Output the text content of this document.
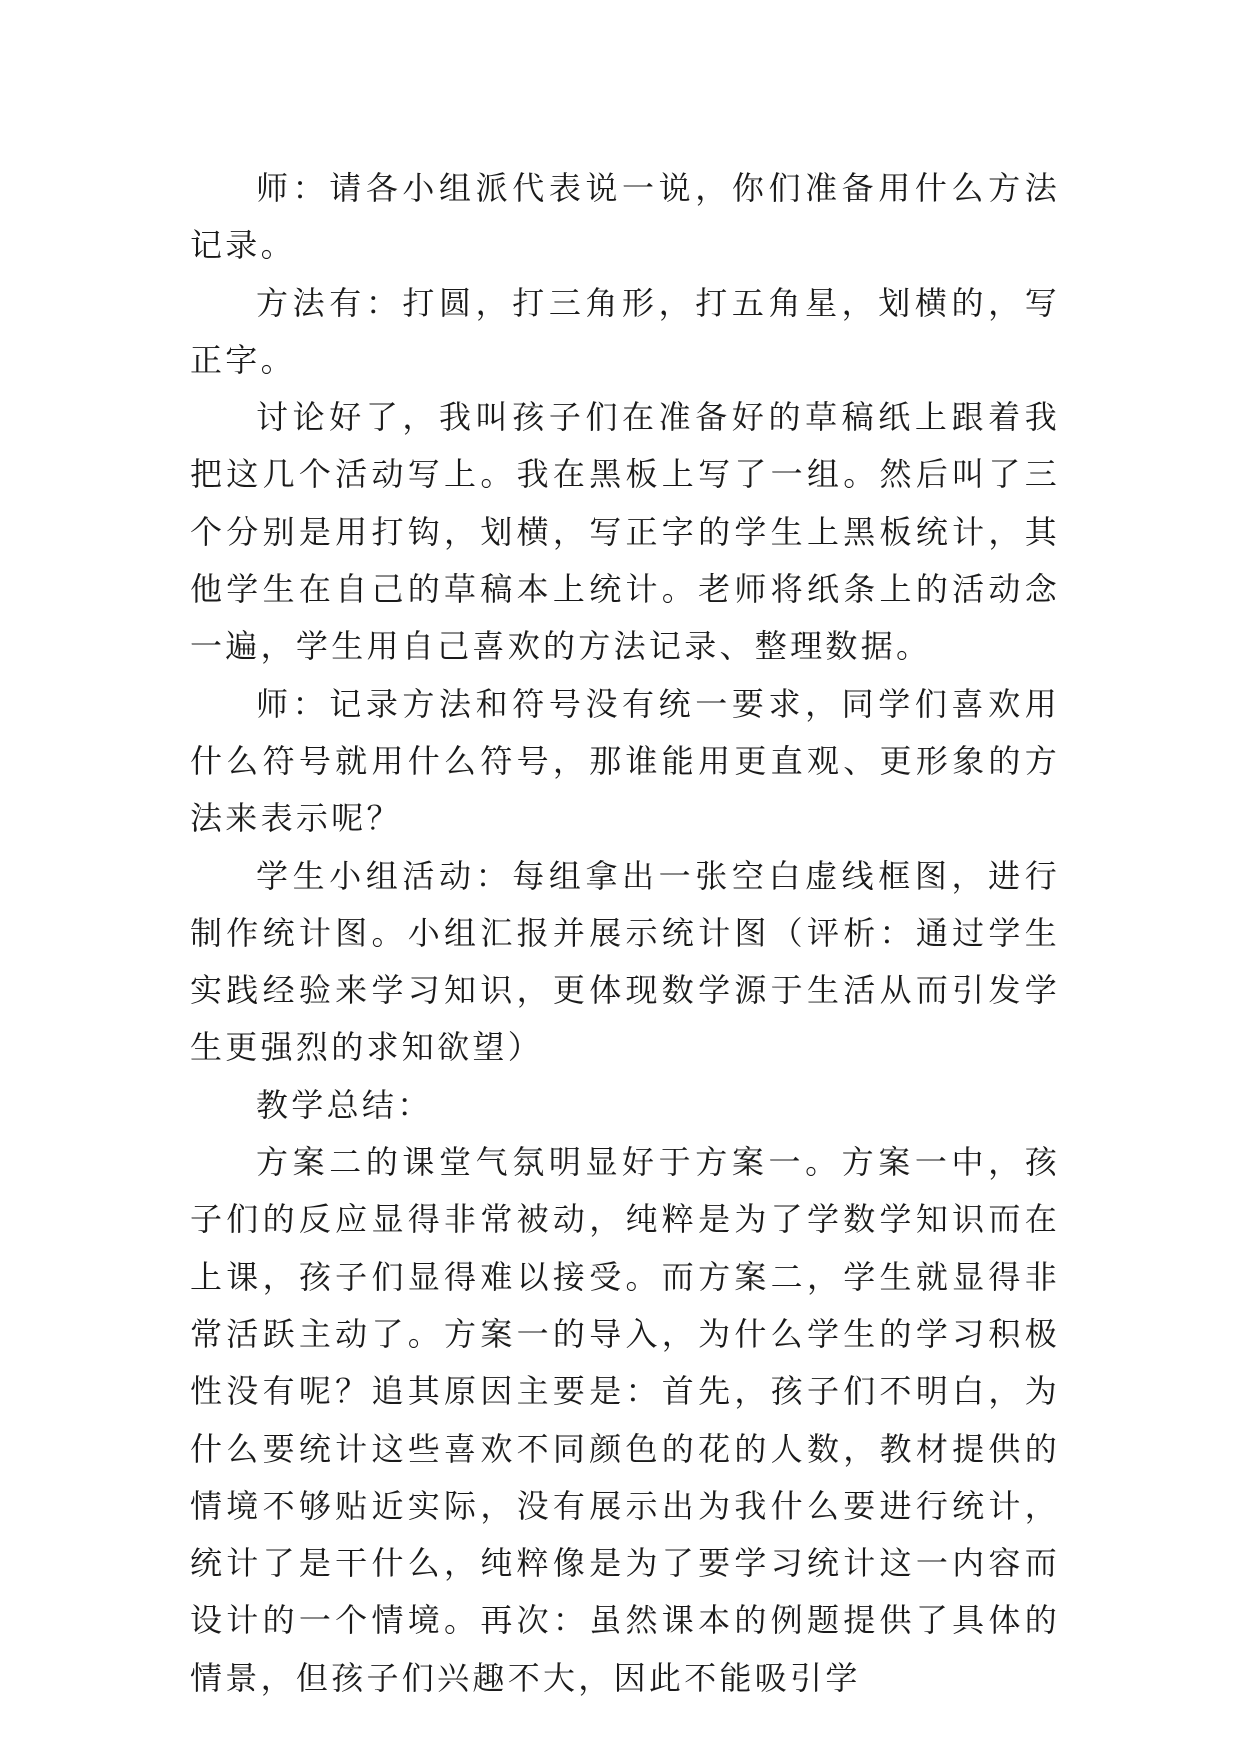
师：请各小组派代表说一说，你们准备用什么方法记录。

方法有：打圆，打三角形，打五角星，划横的，写正字。

讨论好了，我叫孩子们在准备好的草稿纸上跟着我把这几个活动写上。我在黑板上写了一组。然后叫了三个分别是用打钩，划横，写正字的学生上黑板统计，其他学生在自己的草稿本上统计。老师将纸条上的活动念一遍，学生用自己喜欢的方法记录、整理数据。

师：记录方法和符号没有统一要求，同学们喜欢用什么符号就用什么符号，那谁能用更直观、更形象的方法来表示呢？

学生小组活动：每组拿出一张空白虚线框图，进行制作统计图。小组汇报并展示统计图（评析：通过学生实践经验来学习知识，更体现数学源于生活从而引发学生更强烈的求知欲望）

教学总结：

方案二的课堂气氛明显好于方案一。方案一中，孩子们的反应显得非常被动，纯粹是为了学数学知识而在上课，孩子们显得难以接受。而方案二，学生就显得非常活跃主动了。方案一的导入，为什么学生的学习积极性没有呢？追其原因主要是：首先，孩子们不明白，为什么要统计这些喜欢不同颜色的花的人数，教材提供的情境不够贴近实际，没有展示出为我什么要进行统计，统计了是干什么，纯粹像是为了要学习统计这一内容而设计的一个情境。再次：虽然课本的例题提供了具体的情景，但孩子们兴趣不大，因此不能吸引学
